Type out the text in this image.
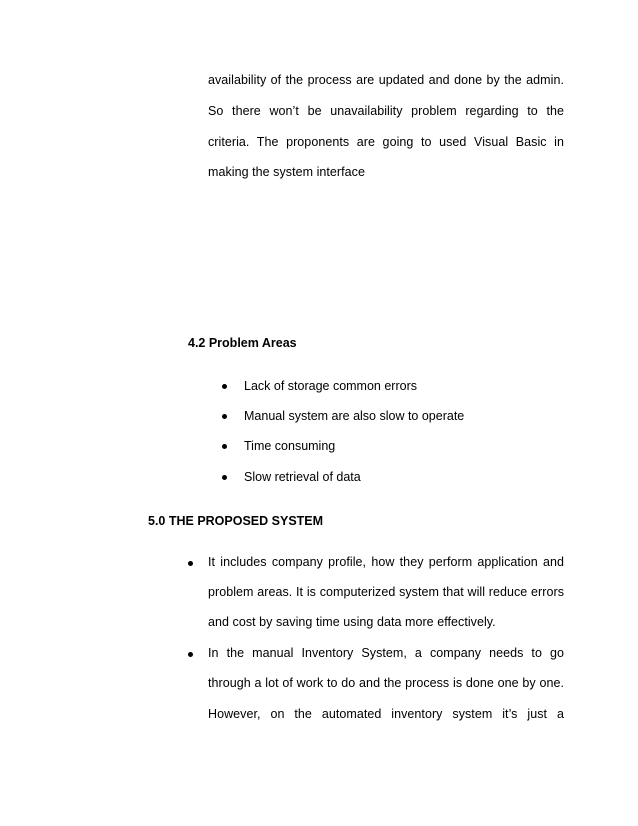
availability of the process are updated and done by the admin.
So there won’t be unavailability problem regarding to the
criteria. The proponents are going to used Visual Basic in
making the system interface
4.2 Problem Areas
Lack of storage common errors
Manual system are also slow to operate
Time consuming
Slow retrieval of data
5.0 THE PROPOSED SYSTEM
It includes company profile, how they perform application and
problem areas. It is computerized system that will reduce errors
and cost by saving time using data more effectively.
In the manual Inventory System, a company needs to go
through a lot of work to do and the process is done one by one.
However, on the automated inventory system it’s just a
